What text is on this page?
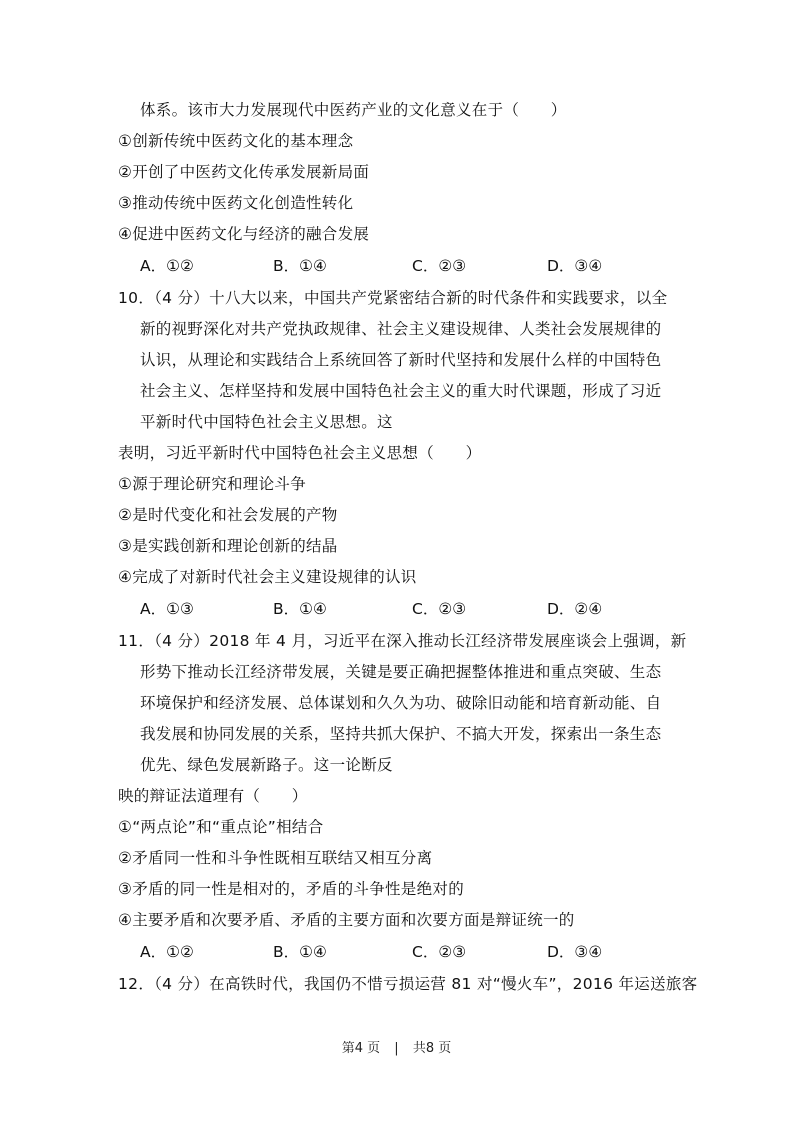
体系。该市大力发展现代中医药产业的文化意义在于（　　）
①创新传统中医药文化的基本理念
②开创了中医药文化传承发展新局面
③推动传统中医药文化创造性转化
④促进中医药文化与经济的融合发展
A．①②	B．①④	C．②③	D．③④
10．（4 分）十八大以来，中国共产党紧密结合新的时代条件和实践要求，以全
新的视野深化对共产党执政规律、社会主义建设规律、人类社会发展规律的
认识，从理论和实践结合上系统回答了新时代坚持和发展什么样的中国特色
社会主义、怎样坚持和发展中国特色社会主义的重大时代课题，形成了习近
平新时代中国特色社会主义思想。这
表明，习近平新时代中国特色社会主义思想（　　）
①源于理论研究和理论斗争
②是时代变化和社会发展的产物
③是实践创新和理论创新的结晶
④完成了对新时代社会主义建设规律的认识
A．①③	B．①④	C．②③	D．②④
11．（4 分）2018 年 4 月，习近平在深入推动长江经济带发展座谈会上强调，新
形势下推动长江经济带发展，关键是要正确把握整体推进和重点突破、生态
环境保护和经济发展、总体谋划和久久为功、破除旧动能和培育新动能、自
我发展和协同发展的关系，坚持共抓大保护、不搞大开发，探索出一条生态
优先、绿色发展新路子。这一论断反
映的辩证法道理有（　　）
①“两点论”和“重点论”相结合
②矛盾同一性和斗争性既相互联结又相互分离
③矛盾的同一性是相对的，矛盾的斗争性是绝对的
④主要矛盾和次要矛盾、矛盾的主要方面和次要方面是辩证统一的
A．①②	B．①④	C．②③	D．③④
12．（4 分）在高铁时代，我国仍不惜亏损运营 81 对“慢火车”，2016 年运送旅客
第4 页 | 共8 页
